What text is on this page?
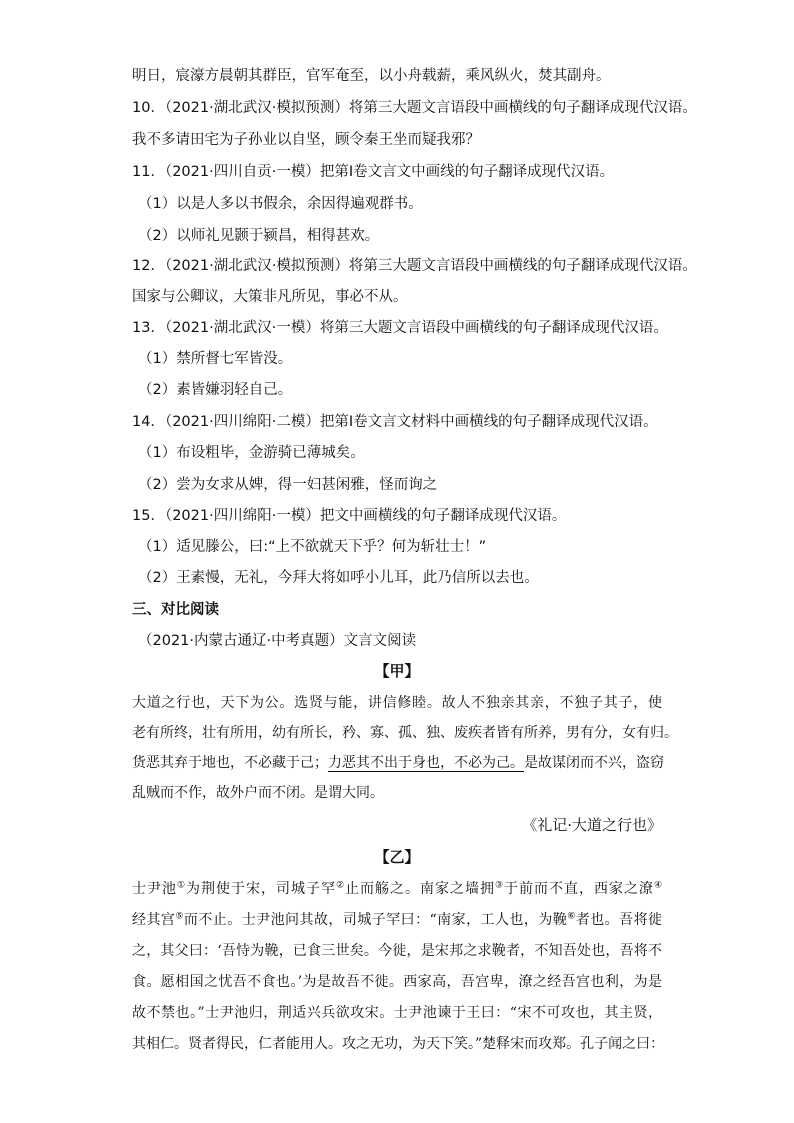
明日，宸濠方晨朝其群臣，官军奄至，以小舟载薪，乘风纵火，焚其副舟。
10．（2021·湖北武汉·模拟预测）将第三大题文言语段中画横线的句子翻译成现代汉语。
我不多请田宅为子孙业以自坚，顾令秦王坐而疑我邪？
11．（2021·四川自贡·一模）把第Ⅰ卷文言文中画线的句子翻译成现代汉语。
（1）以是人多以书假余，余因得遍观群书。
（2）以师礼见颢于颍昌，相得甚欢。
12．（2021·湖北武汉·模拟预测）将第三大题文言语段中画横线的句子翻译成现代汉语。
国家与公卿议，大策非凡所见，事必不从。
13．（2021·湖北武汉·一模）将第三大题文言语段中画横线的句子翻译成现代汉语。
（1）禁所督七军皆没。
（2）素皆嫌羽轻自己。
14．（2021·四川绵阳·二模）把第Ⅰ卷文言文材料中画横线的句子翻译成现代汉语。
（1）布设粗毕，金游骑已薄城矣。
（2）尝为女求从婢，得一妇甚闲雅，怪而询之
15．（2021·四川绵阳·一模）把文中画横线的句子翻译成现代汉语。
（1）适见滕公，曰:“上不欲就天下乎？何为斩壮士！”
（2）王素慢，无礼，今拜大将如呼小儿耳，此乃信所以去也。
三、对比阅读
（2021·内蒙古通辽·中考真题）文言文阅读
【甲】
大道之行也，天下为公。选贤与能，讲信修睦。故人不独亲其亲，不独子其子，使
老有所终，壮有所用，幼有所长，矜、寡、孤、独、废疾者皆有所养，男有分，女有归。
货恶其弃于地也，不必藏于己；力恶其不出于身也，不必为己。是故谋闭而不兴，盗窃
乱贼而不作，故外户而不闭。是谓大同。
《礼记·大道之行也》
【乙】
士尹池①为荆使于宋，司城子罕②止而觞之。南家之墙拥③于前而不直，西家之潦④
经其宫⑤而不止。士尹池问其故，司城子罕曰：“南家，工人也，为鞔⑥者也。吾将徙
之，其父曰：‘吾恃为鞔，已食三世矣。今徙，是宋邦之求鞔者，不知吾处也，吾将不
食。愿相国之忧吾不食也。’为是故吾不徙。西家高，吾宫卑，潦之经吾宫也利，为是
故不禁也。”士尹池归，荆适兴兵欲攻宋。士尹池谏于王曰：“宋不可攻也，其主贤，
其相仁。贤者得民，仁者能用人。攻之无功，为天下笑。”楚释宋而攻郑。孔子闻之曰：
